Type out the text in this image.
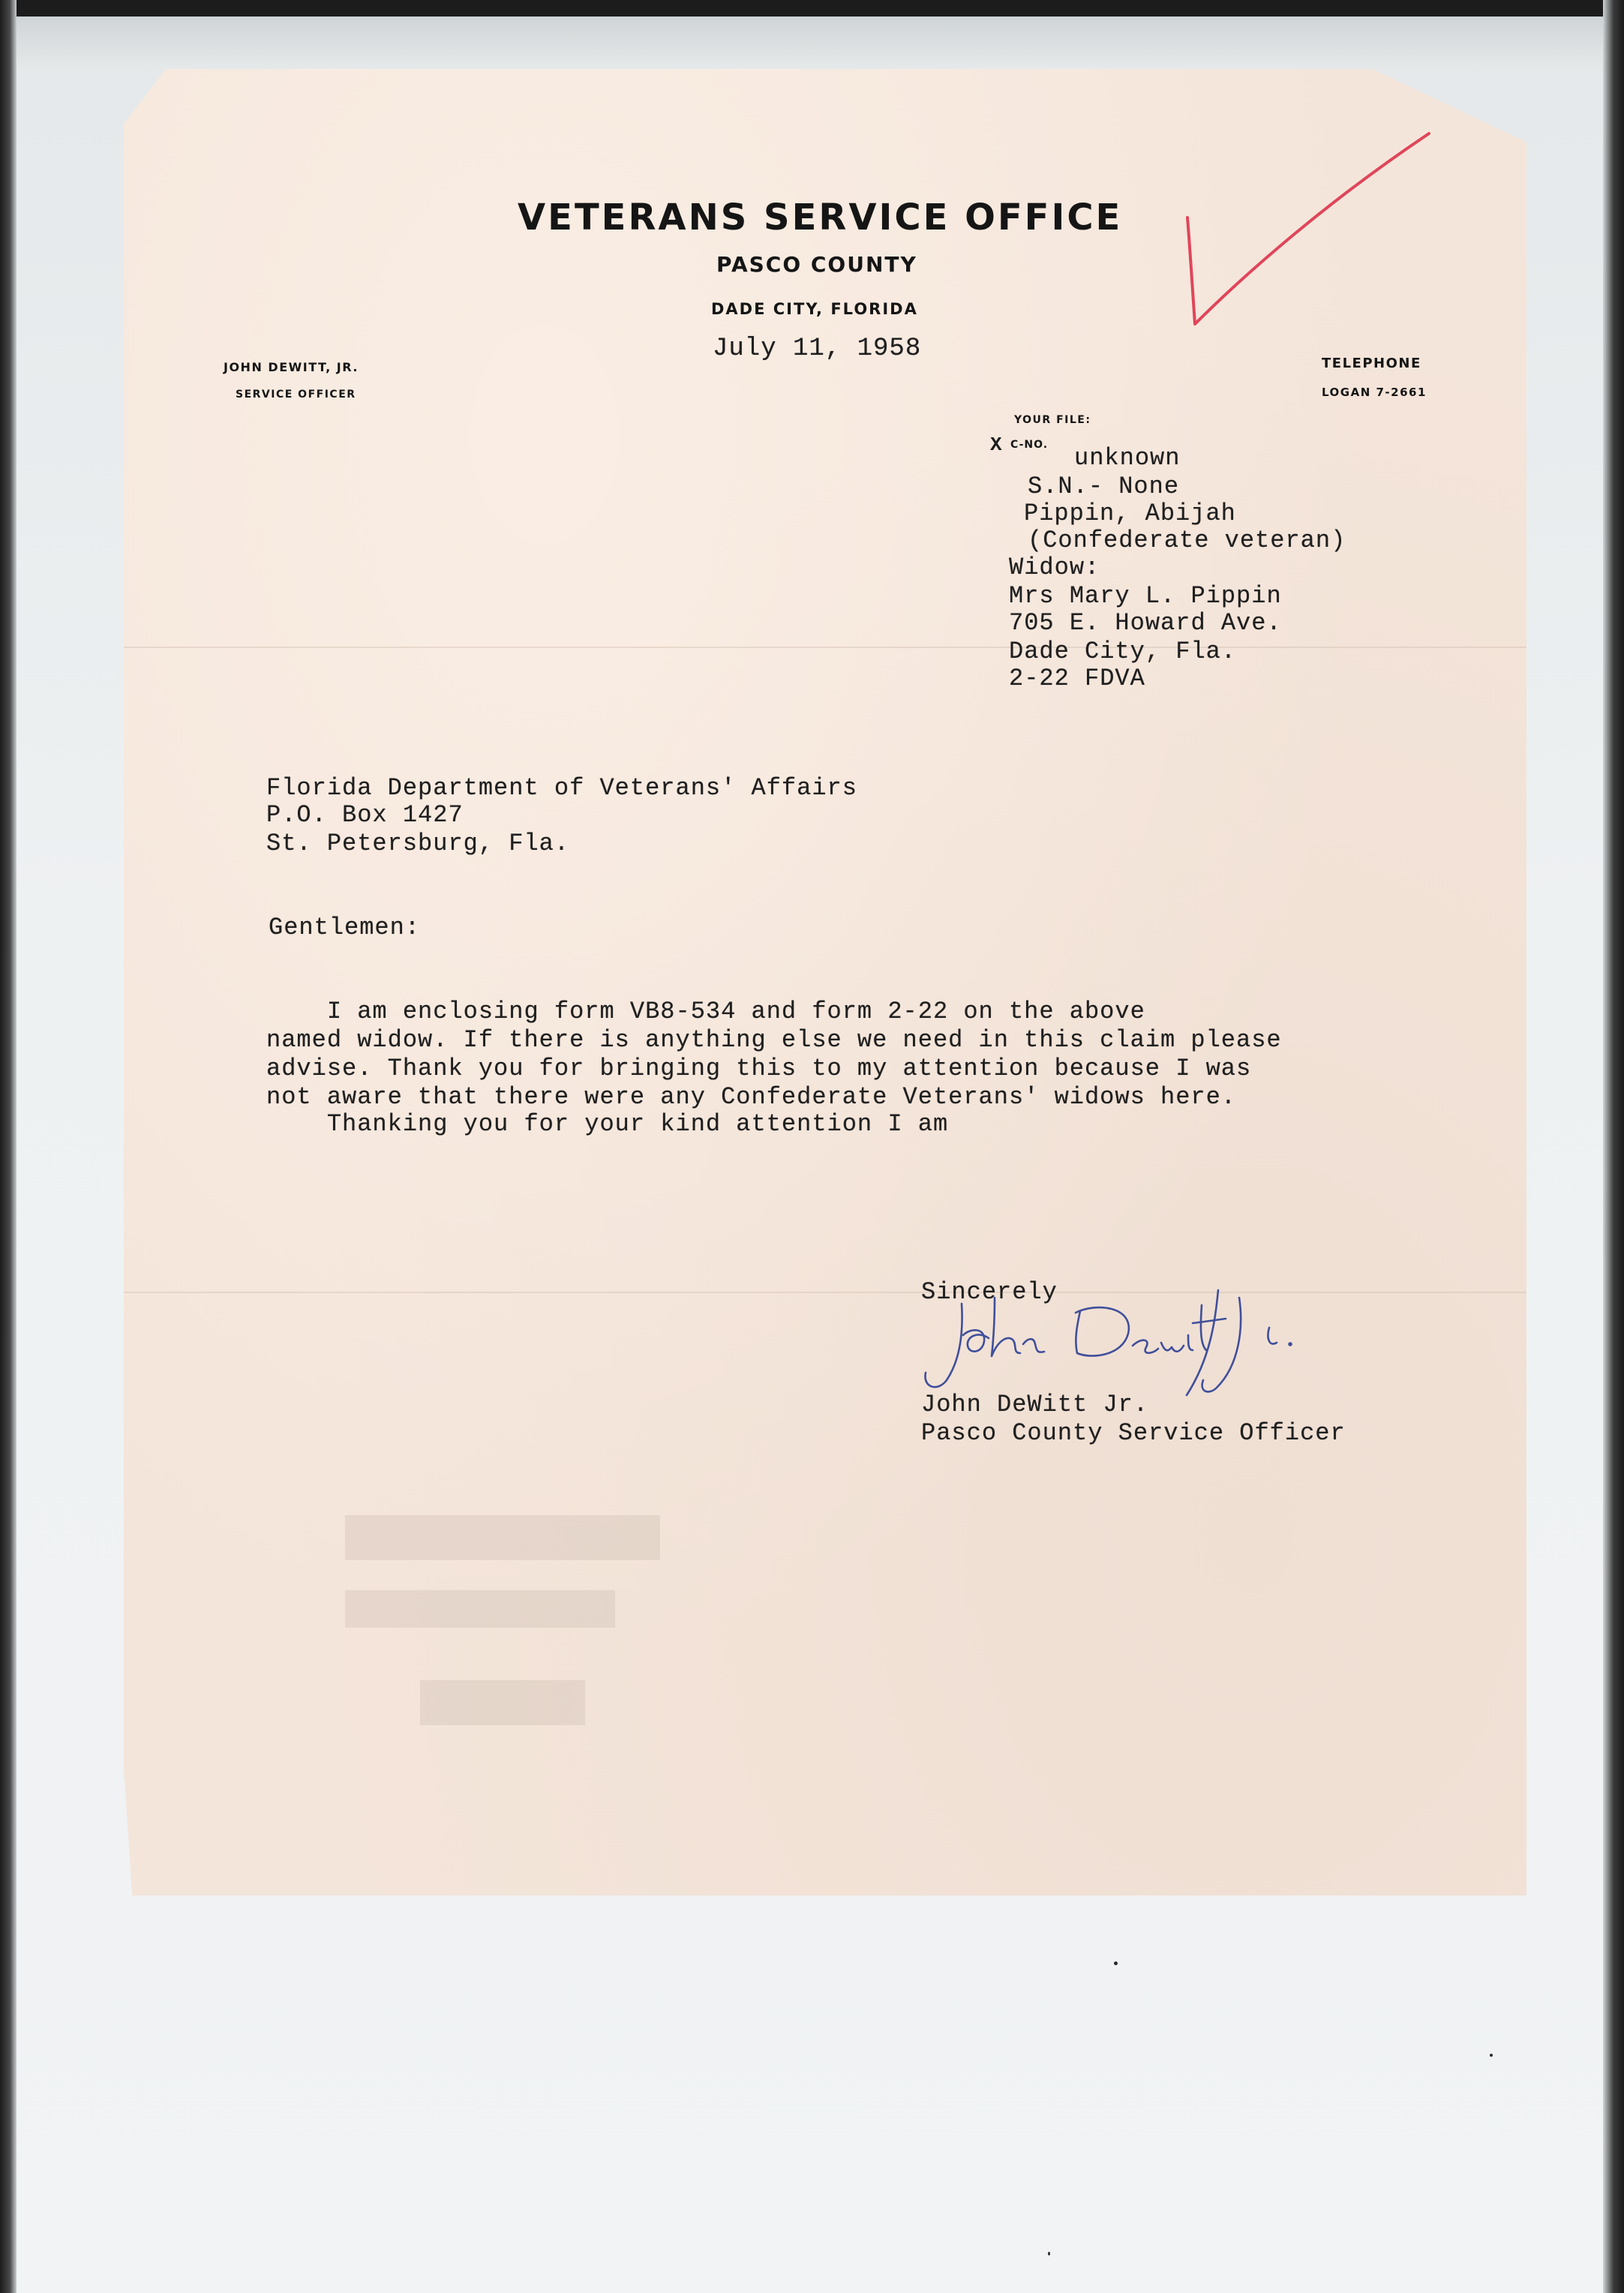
VETERANS SERVICE OFFICE
PASCO COUNTY
DADE CITY, FLORIDA
JOHN DEWITT, JR.
SERVICE OFFICER
TELEPHONE
LOGAN 7-2661
YOUR FILE:
X C-NO.
July 11, 1958
unknown
S.N.- None
Pippin, Abijah
(Confederate veteran)
Widow:
Mrs Mary L. Pippin
705 E. Howard Ave.
Dade City, Fla.
2-22 FDVA
Florida Department of Veterans' Affairs
P.O. Box 1427
St. Petersburg, Fla.
Gentlemen:
I am enclosing form VB8-534 and form 2-22 on the above
named widow. If there is anything else we need in this claim please
advise. Thank you for bringing this to my attention because I was
not aware that there were any Confederate Veterans' widows here.
Thanking you for your kind attention I am
Sincerely
John DeWitt Jr.
Pasco County Service Officer
